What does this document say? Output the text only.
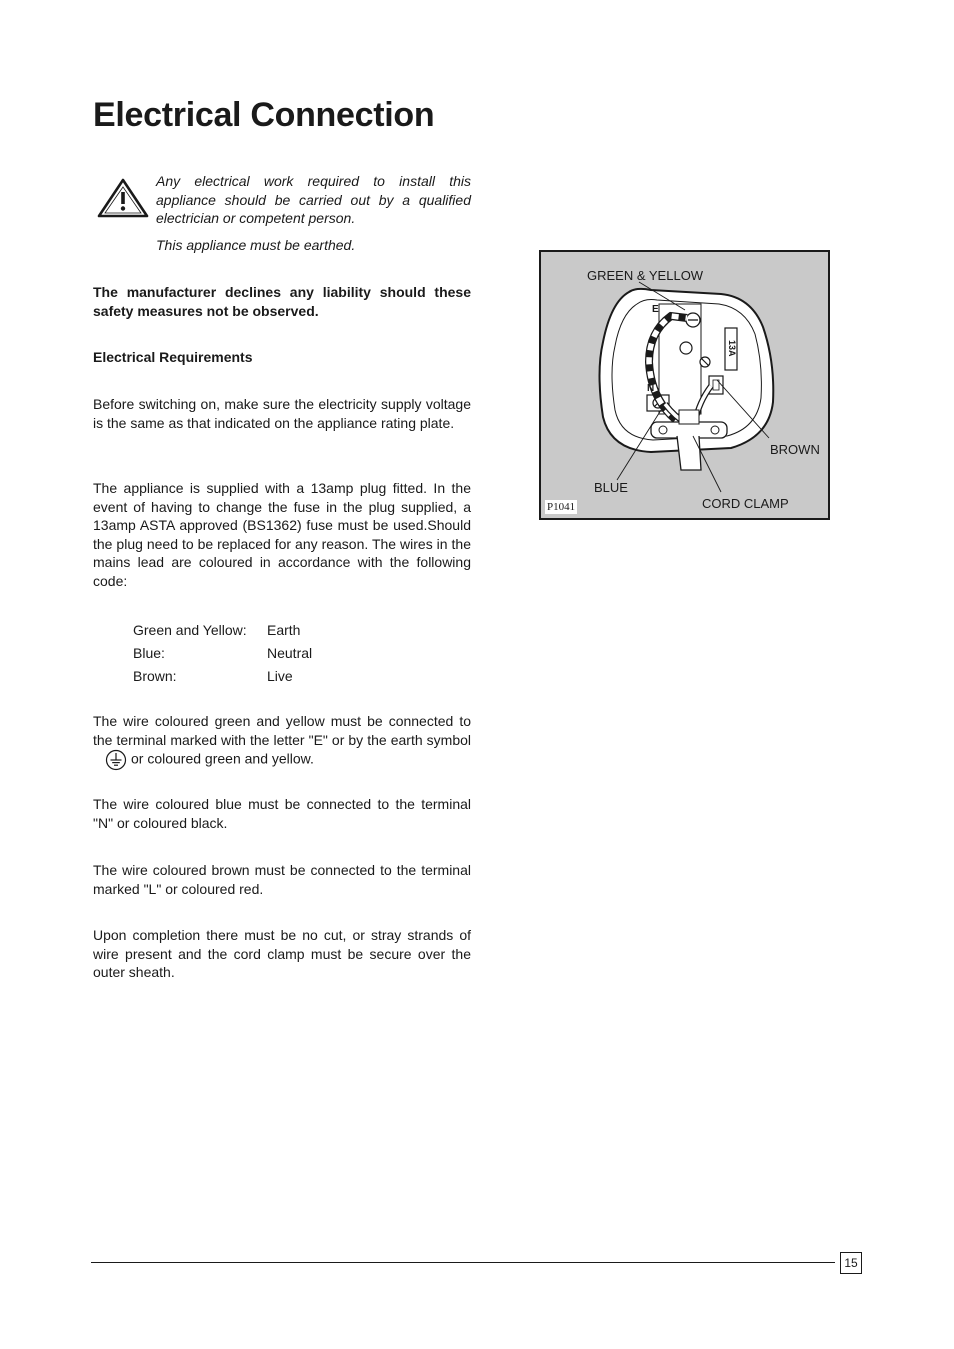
Electrical Connection

Any electrical work required to install this appliance should be carried out by a qualified electrician or competent person.

This appliance must be earthed.

The manufacturer declines any liability should these safety measures not be observed.

Electrical Requirements

Before switching on, make sure the electricity supply voltage is the same as that indicated on the appliance rating plate.

The appliance is supplied with a 13amp plug fitted. In the event of having to change the fuse in the plug supplied, a 13amp ASTA approved (BS1362) fuse must be used.Should the plug need to be replaced for any reason. The wires in the mains lead are coloured in accordance with the following code:

Green and Yellow:	Earth
Blue:	Neutral
Brown:	Live

The wire coloured green and yellow must be connected to the terminal marked with the letter "E" or by the earth symbolor coloured green and yellow.

The wire coloured blue must be connected to the terminal "N" or coloured black.

The wire coloured brown must be connected to the terminal marked "L" or coloured red.

Upon completion there must be no cut, or stray strands of wire present and the cord clamp must be secure over the outer sheath.

GREEN & YELLOW
BROWN
BLUE
CORD CLAMP
E
N
13A
P1041
15
